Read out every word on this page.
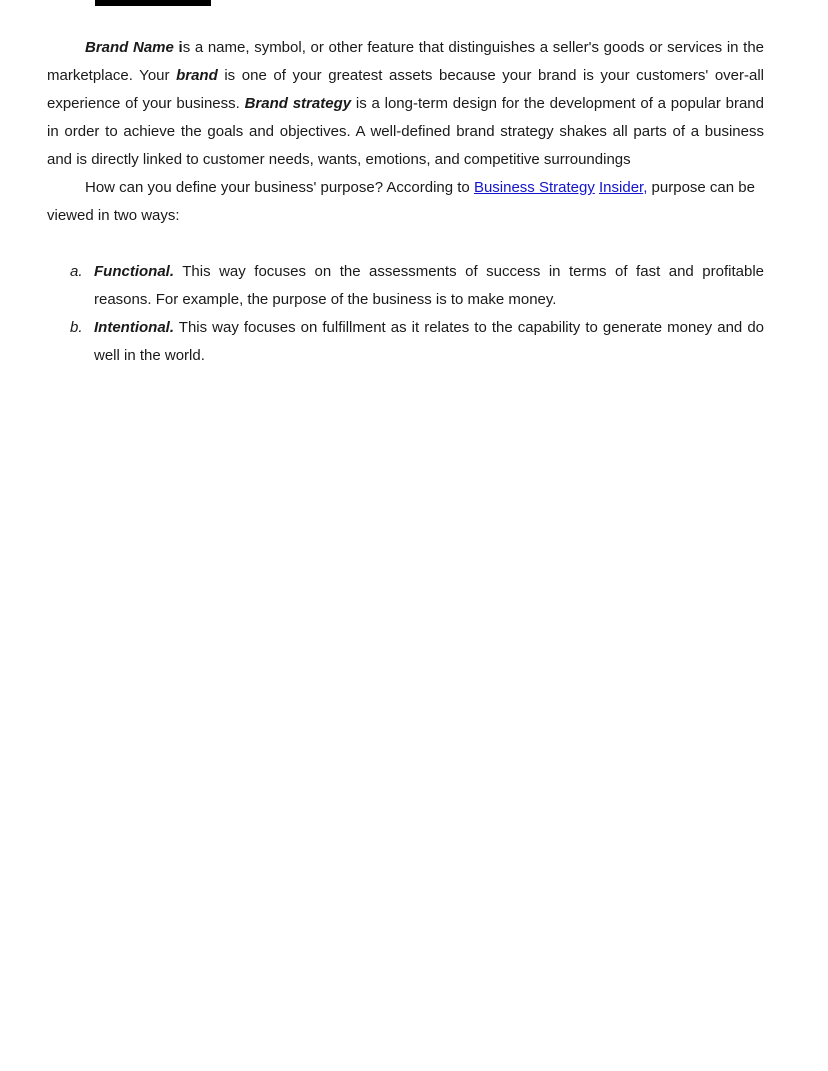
Brand Name is a name, symbol, or other feature that distinguishes a seller's goods or services in the marketplace. Your brand is one of your greatest assets because your brand is your customers' over-all experience of your business. Brand strategy is a long-term design for the development of a popular brand in order to achieve the goals and objectives. A well-defined brand strategy shakes all parts of a business and is directly linked to customer needs, wants, emotions, and competitive surroundings

How can you define your business' purpose? According to Business Strategy Insider, purpose can be viewed in two ways:

a. Functional. This way focuses on the assessments of success in terms of fast and profitable reasons. For example, the purpose of the business is to make money.
b. Intentional. This way focuses on fulfillment as it relates to the capability to generate money and do well in the world.
